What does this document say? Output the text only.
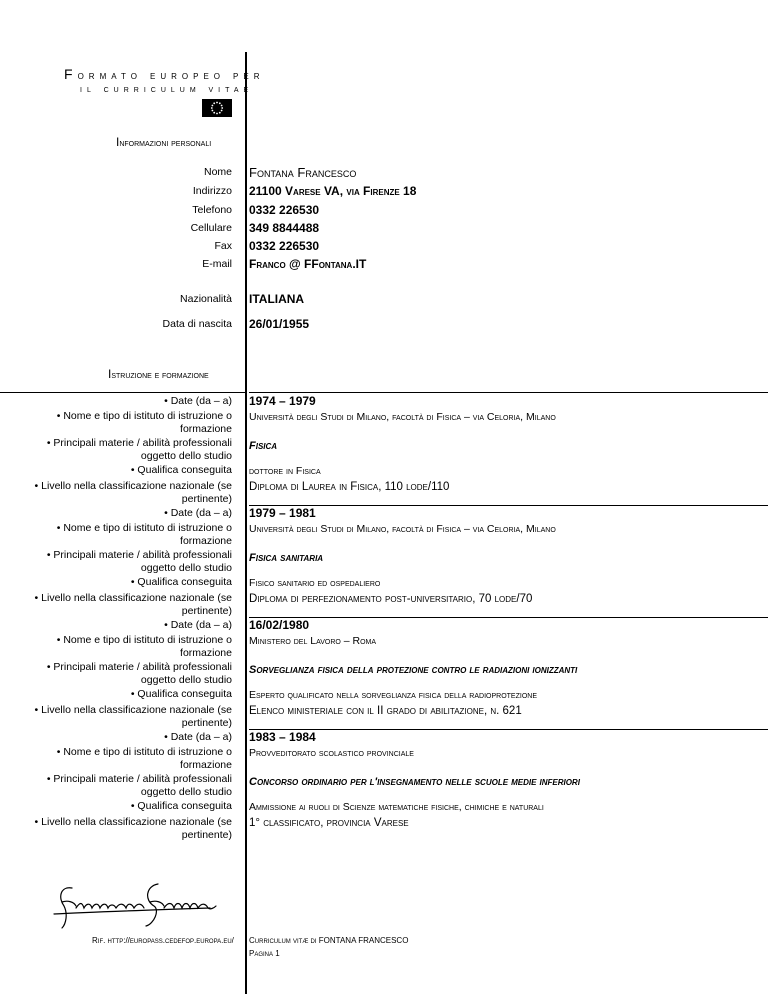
Formato europeo per
il curriculum vitae
Informazioni personali
Nome Fontana Francesco
Indirizzo 21100 Varese VA, via Firenze 18
Telefono 0332 226530
Cellulare 349 8844488
Fax 0332 226530
E-mail Franco @ FFontana.IT
Nazionalità ITALIANA
Data di nascita 26/01/1955
Istruzione e formazione
• Date (da – a) 1974 – 1979
• Nome e tipo di istituto di istruzione o formazione
Università degli Studi di Milano, facoltà di Fisica – via Celoria, Milano
• Principali materie / abilità professionali oggetto dello studio
Fisica
• Qualifica conseguita dottore in Fisica
• Livello nella classificazione nazionale (se pertinente)
Diploma di Laurea in Fisica, 110 lode/110
• Date (da – a) 1979 – 1981
• Nome e tipo di istituto di istruzione o formazione
Università degli Studi di Milano, facoltà di Fisica – via Celoria, Milano
• Principali materie / abilità professionali oggetto dello studio
Fisica sanitaria
• Qualifica conseguita Fisico sanitario ed ospedaliero
• Livello nella classificazione nazionale (se pertinente)
Diploma di perfezionamento post-universitario, 70 lode/70
• Date (da – a) 16/02/1980
• Nome e tipo di istituto di istruzione o formazione
Ministero del Lavoro – Roma
• Principali materie / abilità professionali oggetto dello studio
Sorveglianza fisica della protezione contro le radiazioni ionizzanti
• Qualifica conseguita Esperto qualificato nella sorveglianza fisica della radioprotezione
• Livello nella classificazione nazionale (se pertinente)
Elenco ministeriale con il II grado di abilitazione, n. 621
• Date (da – a) 1983 – 1984
• Nome e tipo di istituto di istruzione o formazione
Provveditorato scolastico provinciale
• Principali materie / abilità professionali oggetto dello studio
Concorso ordinario per l'insegnamento nelle scuole medie inferiori
• Qualifica conseguita Ammissione ai ruoli di Scienze matematiche fisiche, chimiche e naturali
• Livello nella classificazione nazionale (se pertinente)
1° classificato, provincia Varese
Rif. http://europass.cedefop.europa.eu/ Curriculum vitæ di FONTANA FRANCESCO
Pagina 1
